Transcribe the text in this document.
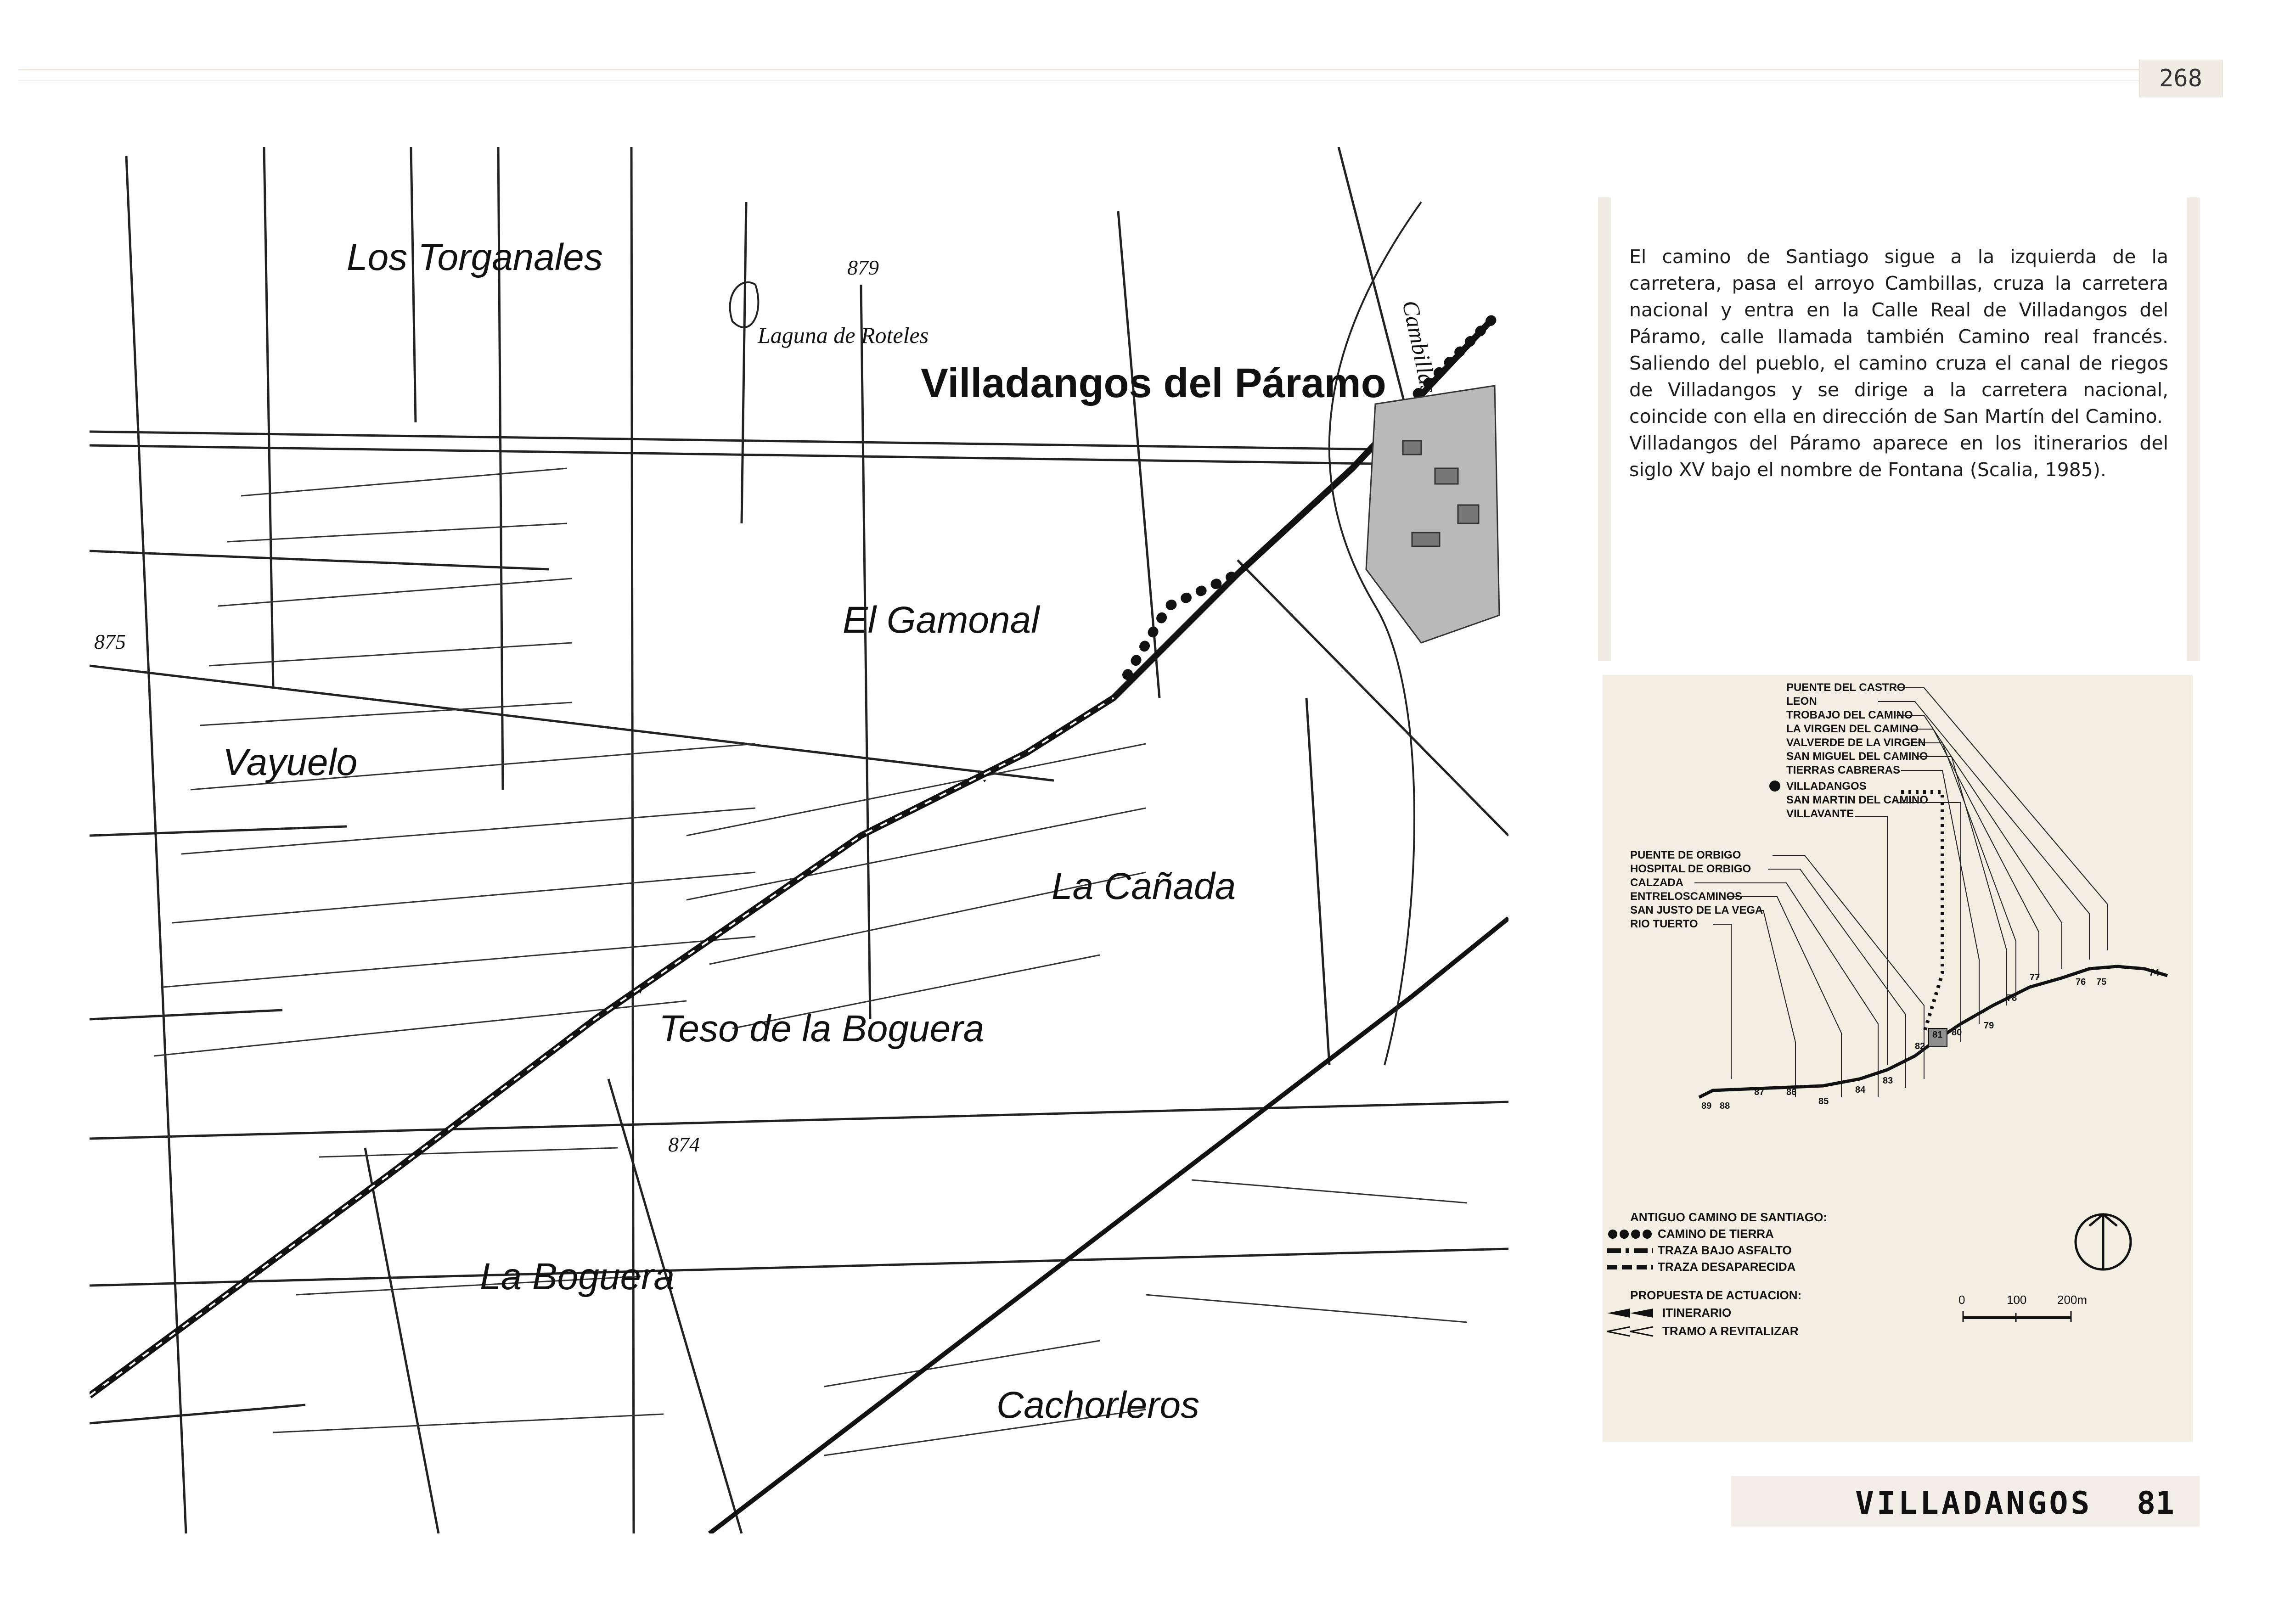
268
Los Torganales	879
Laguna de Roteles
Villadangos del Páramo Cambillas
875
El Gamonal
Vayuelo
La Cañada
Teso de la Boguera
874
La Boguera
Cachorleros

El camino de Santiago sigue a la izquierda de la carretera, pasa el arroyo Cambillas, cruza la carretera nacional y entra en la Calle Real de Villadangos del Páramo, calle llamada también Camino real francés. Saliendo del pueblo, el camino cruza el canal de riegos de Villadangos y se dirige a la carretera nacional, coincide con ella en dirección de San Martín del Camino.

Villadangos del Páramo aparece en los itinerarios del siglo XV bajo el nombre de Fontana (Scalia, 1985).

PUENTE DEL CASTRO
LEON
TROBAJO DEL CAMINO
LA VIRGEN DEL CAMINO
VALVERDE DE LA VIRGEN
SAN MIGUEL DEL CAMINO
TIERRAS CABRERAS
VILLADANGOS
SAN MARTIN DEL CAMINO
VILLAVANTE
PUENTE DE ORBIGO
HOSPITAL DE ORBIGO
CALZADA
ENTRELOSCAMINOS
SAN JUSTO DE LA VEGA
RIO TUERTO
89 88
87 86
85
84
83
82
81 80
79
78
77	76 75
74
ANTIGUO CAMINO DE SANTIAGO:
CAMINO DE TIERRA
TRAZA BAJO ASFALTO
TRAZA DESAPARECIDA
PROPUESTA DE ACTUACION:
ITINERARIO
TRAMO A REVITALIZAR
0	100	200m
VILLADANGOS 81
